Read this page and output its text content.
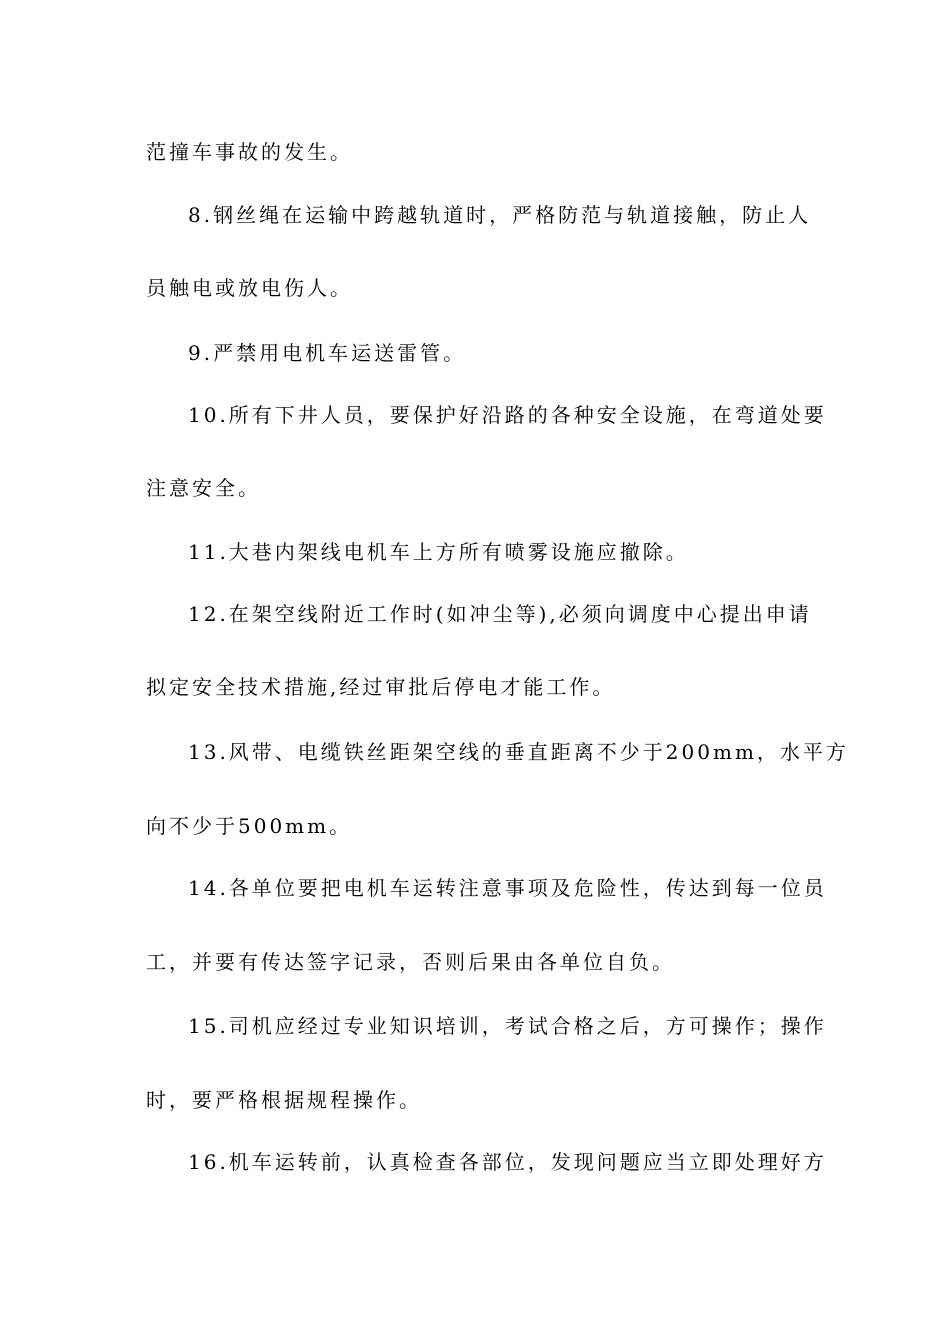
范撞车事故的发生。
8.钢丝绳在运输中跨越轨道时，严格防范与轨道接触，防止人
员触电或放电伤人。
9.严禁用电机车运送雷管。
10.所有下井人员，要保护好沿路的各种安全设施，在弯道处要
注意安全。
11.大巷内架线电机车上方所有喷雾设施应撤除。
12.在架空线附近工作时(如冲尘等),必须向调度中心提出申请
拟定安全技术措施,经过审批后停电才能工作。
13.风带、电缆铁丝距架空线的垂直距离不少于200mm，水平方
向不少于500mm。
14.各单位要把电机车运转注意事项及危险性，传达到每一位员
工，并要有传达签字记录，否则后果由各单位自负。
15.司机应经过专业知识培训，考试合格之后，方可操作；操作
时，要严格根据规程操作。
16.机车运转前，认真检查各部位，发现问题应当立即处理好方
